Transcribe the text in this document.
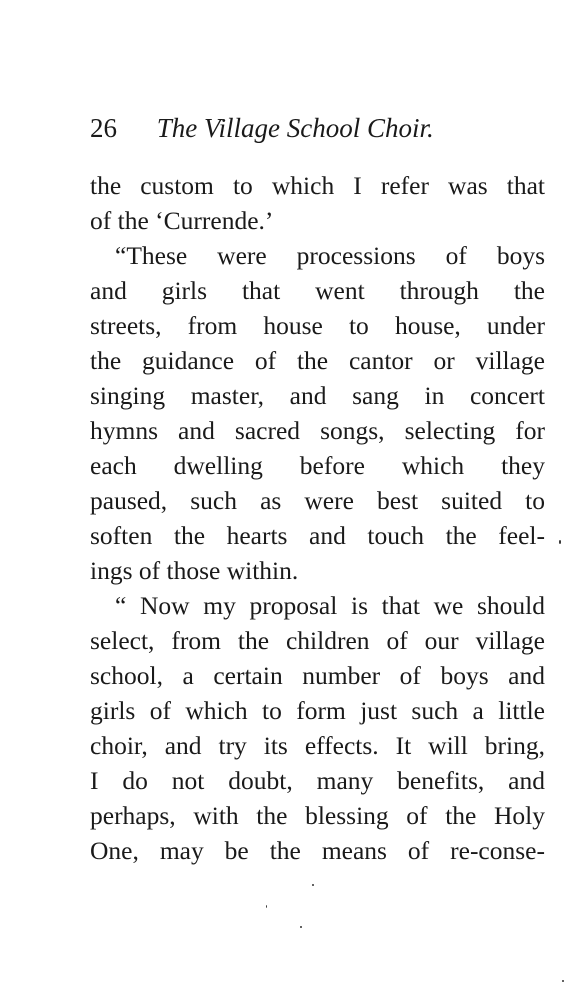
26 The Village School Choir.
the custom to which I refer was that
of the ‘Currende.’
“These were processions of boys
and girls that went through the
streets, from house to house, under
the guidance of the cantor or village
singing master, and sang in concert
hymns and sacred songs, selecting for
each dwelling before which they
paused, such as were best suited to
soften the hearts and touch the feel-
ings of those within.
“ Now my proposal is that we should
select, from the children of our village
school, a certain number of boys and
girls of which to form just such a little
choir, and try its effects. It will bring,
I do not doubt, many benefits, and
perhaps, with the blessing of the Holy
One, may be the means of re-conse-
